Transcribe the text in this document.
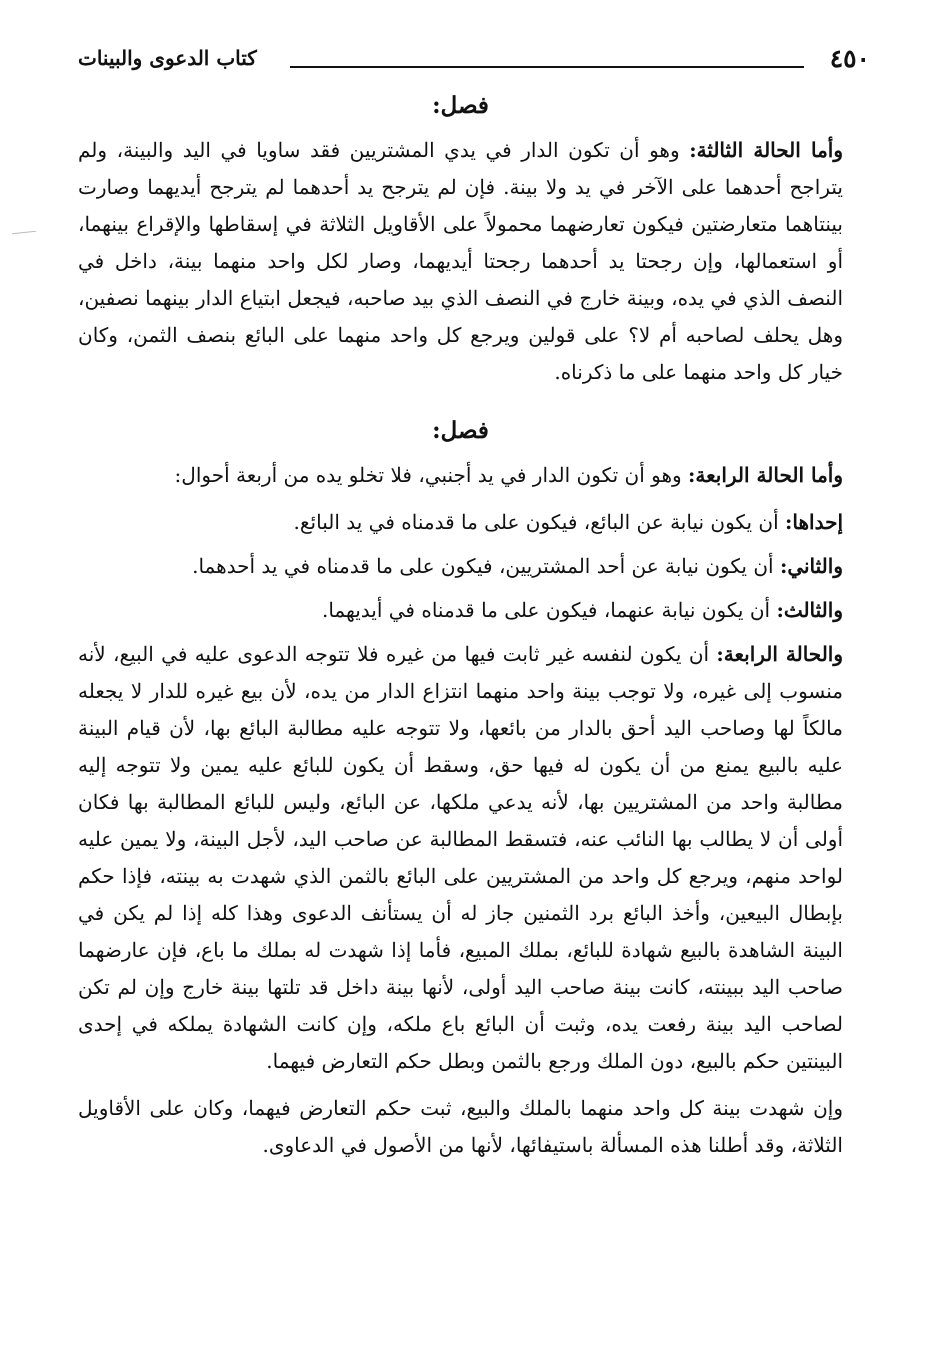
٤٥٠
كتاب الدعوى والبينات
فصل:

وأما الحالة الثالثة: وهو أن تكون الدار في يدي المشتريين فقد ساويا في اليد والبينة، ولم يتراجح أحدهما على الآخر في يد ولا بينة. فإن لم يترجح يد أحدهما لم يترجح أيديهما وصارت بينتاهما متعارضتين فيكون تعارضهما محمولاً على الأقاويل الثلاثة في إسقاطها والإقراع بينهما، أو استعمالها، وإن رجحتا يد أحدهما رجحتا أيديهما، وصار لكل واحد منهما بينة، داخل في النصف الذي في يده، وبينة خارج في النصف الذي بيد صاحبه، فيجعل ابتياع الدار بينهما نصفين، وهل يحلف لصاحبه أم لا؟ على قولين ويرجع كل واحد منهما على البائع بنصف الثمن، وكان خيار كل واحد منهما على ما ذكرناه.

فصل:

وأما الحالة الرابعة: وهو أن تكون الدار في يد أجنبي، فلا تخلو يده من أربعة أحوال:

إحداها: أن يكون نيابة عن البائع، فيكون على ما قدمناه في يد البائع.

والثاني: أن يكون نيابة عن أحد المشتريين، فيكون على ما قدمناه في يد أحدهما.

والثالث: أن يكون نيابة عنهما، فيكون على ما قدمناه في أيديهما.

والحالة الرابعة: أن يكون لنفسه غير ثابت فيها من غيره فلا تتوجه الدعوى عليه في البيع، لأنه منسوب إلى غيره، ولا توجب بينة واحد منهما انتزاع الدار من يده، لأن بيع غيره للدار لا يجعله مالكاً لها وصاحب اليد أحق بالدار من بائعها، ولا تتوجه عليه مطالبة البائع بها، لأن قيام البينة عليه بالبيع يمنع من أن يكون له فيها حق، وسقط أن يكون للبائع عليه يمين ولا تتوجه إليه مطالبة واحد من المشتريين بها، لأنه يدعي ملكها، عن البائع، وليس للبائع المطالبة بها فكان أولى أن لا يطالب بها النائب عنه، فتسقط المطالبة عن صاحب اليد، لأجل البينة، ولا يمين عليه لواحد منهم، ويرجع كل واحد من المشتريين على البائع بالثمن الذي شهدت به بينته، فإذا حكم بإبطال البيعين، وأخذ البائع برد الثمنين جاز له أن يستأنف الدعوى وهذا كله إذا لم يكن في البينة الشاهدة بالبيع شهادة للبائع، بملك المبيع، فأما إذا شهدت له بملك ما باع، فإن عارضهما صاحب اليد ببينته، كانت بينة صاحب اليد أولى، لأنها بينة داخل قد تلتها بينة خارج وإن لم تكن لصاحب اليد بينة رفعت يده، وثبت أن البائع باع ملكه، وإن كانت الشهادة يملكه في إحدى البينتين حكم بالبيع، دون الملك ورجع بالثمن وبطل حكم التعارض فيهما.

وإن شهدت بينة كل واحد منهما بالملك والبيع، ثبت حكم التعارض فيهما، وكان على الأقاويل الثلاثة، وقد أطلنا هذه المسألة باستيفائها، لأنها من الأصول في الدعاوى.
